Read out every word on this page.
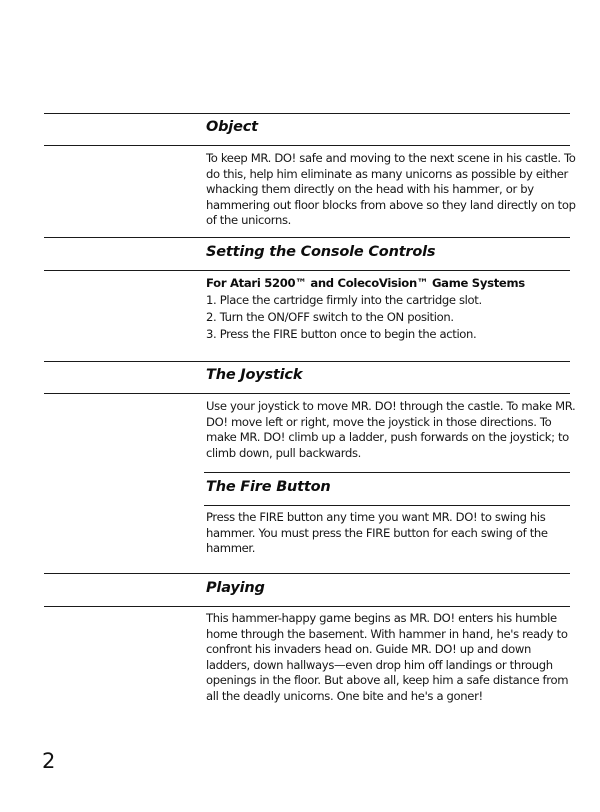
Object

To keep MR. DO! safe and moving to the next scene in his castle. To do this, help him eliminate as many unicorns as possible by either whacking them directly on the head with his hammer, or by hammering out floor blocks from above so they land directly on top of the unicorns.

Setting the Console Controls

For Atari 5200™ and ColecoVision™ Game Systems

1. Place the cartridge firmly into the cartridge slot.
2. Turn the ON/OFF switch to the ON position.
3. Press the FIRE button once to begin the action.
The Joystick

Use your joystick to move MR. DO! through the castle. To make MR. DO! move left or right, move the joystick in those directions. To make MR. DO! climb up a ladder, push forwards on the joystick; to climb down, pull backwards.

The Fire Button

Press the FIRE button any time you want MR. DO! to swing his hammer. You must press the FIRE button for each swing of the hammer.

Playing

This hammer-happy game begins as MR. DO! enters his humble home through the basement. With hammer in hand, he's ready to confront his invaders head on. Guide MR. DO! up and down ladders, down hallways—even drop him off landings or through openings in the floor. But above all, keep him a safe distance from all the deadly unicorns. One bite and he's a goner!

2
